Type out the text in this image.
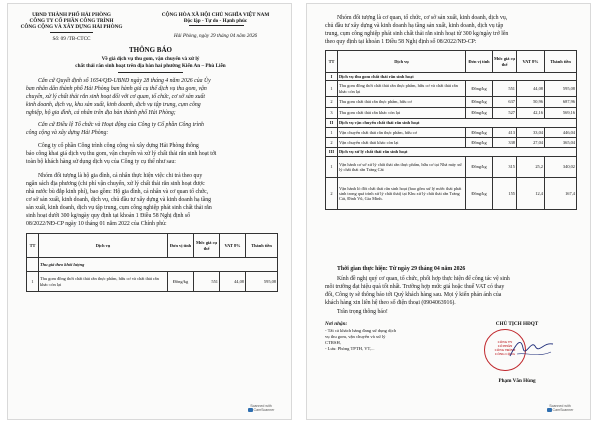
UBND THÀNH PHỐ HẢI PHÒNG
CÔNG TY CỔ PHẦN CÔNG TRÌNH
CÔNG CỘNG VÀ XÂY DỰNG HẢI PHÒNG
CỘNG HÒA XÃ HỘI CHỦ NGHĨA VIỆT NAM
Độc lập - Tự do - Hạnh phúc
Số: 09 /TB-CTCC	Hải Phòng, ngày 29 tháng 04 năm 2026
THÔNG BÁO
Về giá dịch vụ thu gom, vận chuyển và xử lý
chất thải rắn sinh hoạt trên địa bàn hai phường Kiến An – Phù Liễn
Căn cứ Quyết định số 1654/QĐ-UBND ngày 28 tháng 4 năm 2026 của Ủy
ban nhân dân thành phố Hải Phòng ban hành giá cụ thể dịch vụ thu gom, vận
chuyển, xử lý chất thải rắn sinh hoạt đối với cơ quan, tổ chức, cơ sở sản xuất
kinh doanh, dịch vụ, khu sản xuất, kinh doanh, dịch vụ tập trung, cụm công
nghiệp, hộ gia đình, cá nhân trên địa bàn thành phố Hải Phòng;
Căn cứ Điều lệ Tổ chức và Hoạt động của Công ty Cổ phần Công trình
công cộng và xây dựng Hải Phòng:
Công ty cổ phần Công trình công cộng và xây dựng Hải Phòng thông
báo công khai giá dịch vụ thu gom, vận chuyển và xử lý chất thải rắn sinh hoạt tới
toàn bộ khách hàng sử dụng dịch vụ của Công ty cụ thể như sau:
Nhóm đối tượng là hộ gia đình, cá nhân thực hiện việc chi trả theo quy
ngân sách địa phương (chi phí vận chuyển, xử lý chất thải rắn sinh hoạt được
nhà nước bù đắp kinh phí), bao gồm: Hộ gia đình, cá nhân và cơ quan tổ chức,
cơ sở sản xuất, kinh doanh, dịch vụ, chủ đầu tư xây dựng và kinh doanh hạ tầng
sản xuất, kinh doanh, dịch vụ tập trung, cụm công nghiệp phát sinh chất thải rắn
sinh hoạt dưới 300 kg/ngày quy định tại khoản 1 Điều 58 Nghị định số
08/2022/NĐ-CP ngày 10 tháng 01 năm 2022 của Chính phủ:
TT	Dịch vụ	Đơn vị tính	Mức giá cụ thể	VAT 8%	Thành tiền
	Thu giá theo khối lượng				
1	Thu gom đồng thời chất thải rắn thực phẩm, hữu cơ và chất thải rắn khác còn lại	Đồng/kg	551	44,08	595,08
Scanned with
CamScanner
Nhóm đối tượng là cơ quan, tổ chức, cơ sở sản xuất, kinh doanh, dịch vụ,
chủ đầu tư xây dựng và kinh doanh hạ tầng sản xuất, kinh doanh, dịch vụ tập
trung, cụm công nghiệp phát sinh chất thải rắn sinh hoạt từ 300 kg/ngày trở lên
theo quy định tại khoản 1 Điều 58 Nghị định số 08/2022/NĐ-CP:
TT	Dịch vụ	Đơn vị tính	Mức giá cụ thể	VAT 8%	Thành tiền
I	Dịch vụ thu gom chất thải rắn sinh hoạt				
1	Thu gom đồng thời chất thải rắn thực phẩm, hữu cơ và chất thải rắn khác còn lại	Đồng/kg	551	44,08	595,08
2	Thu gom chất thải rắn thực phẩm, hữu cơ	Đồng/kg	637	50,96	687,96
3	Thu gom chất thải rắn khác còn lại	Đồng/kg	527	42,16	569,16
II	Dịch vụ vận chuyển chất thải rắn sinh hoạt				
1	Vận chuyển chất thải rắn thực phẩm, hữu cơ	Đồng/kg	413	33,04	446,04
2	Vận chuyển chất thải khác còn lại	Đồng/kg	338	27,04	365,04
III	Dịch vụ xử lý chất thải rắn sinh hoạt				
1	Vận hành cơ sở xử lý chất thải rắn thực phẩm, hữu cơ tại Nhà máy xử lý chất thải rắn Tràng Cát	Đồng/kg	315	25,2	340,02
2	Vận hành lò đốt chất thải rắn sinh hoạt (bao gồm xử lý nước thải phát sinh trong quá trình xử lý chất thải) tại Khu xử lý chất thải rắn Tràng Cát, Đình Vũ, Gia Minh.	Đồng/kg	155	12,4	167,4
Thời gian thực hiện: Từ ngày 29 tháng 04 năm 2026
Kính đề nghị quý cơ quan, tổ chức, phối hợp thực hiện để công tác vệ sinh
môi trường đạt hiệu quả tốt nhất. Trường hợp mức giá hoặc thuế VAT có thay
đổi, Công ty sẽ thông báo tới Quý khách hàng sau. Mọi ý kiến phản ánh của
khách hàng xin liên hệ theo số điện thoại (0904063916).
Trân trọng thông báo!
Nơi nhận:
- Tất cả khách hàng đang sử dụng dịch
vụ thu gom, vận chuyển và xử lý
CTRSH,
- Lưu: Phòng TPTH, VT,...
CHỦ TỊCH HĐQT
CÔNG TY
CỔ PHẦN
CÔNG TRÌNH
CÔNG CỘNG
Phạm Văn Hùng
Scanned with
CamScanner
